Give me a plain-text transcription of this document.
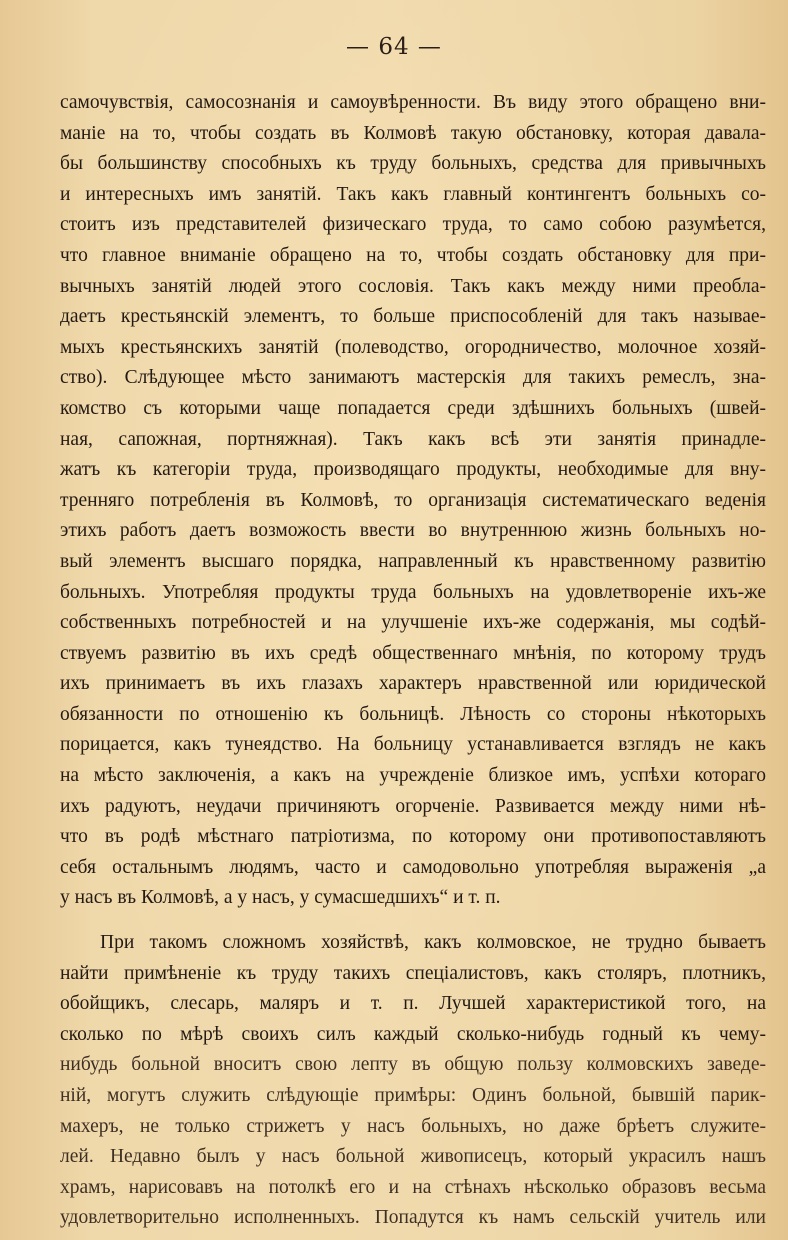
— 64 —
самочувствія, самосознанія и самоувѣренности. Въ виду этого обращено вни-
маніе на то, чтобы создать въ Колмовѣ такую обстановку, которая давала-
бы большинству способныхъ къ труду больныхъ, средства для привычныхъ
и интересныхъ имъ занятій. Такъ какъ главный контингентъ больныхъ со-
стоитъ изъ представителей физическаго труда, то само собою разумѣется,
что главное вниманіе обращено на то, чтобы создать обстановку для при-
вычныхъ занятій людей этого сословія. Такъ какъ между ними преобла-
даетъ крестьянскій элементъ, то больше приспособленій для такъ называе-
мыхъ крестьянскихъ занятій (полеводство, огородничество, молочное хозяй-
ство). Слѣдующее мѣсто занимаютъ мастерскія для такихъ ремеслъ, зна-
комство съ которыми чаще попадается среди здѣшнихъ больныхъ (швей-
ная, сапожная, портняжная). Такъ какъ всѣ эти занятія принадле-
жатъ къ категоріи труда, производящаго продукты, необходимые для вну-
тренняго потребленія въ Колмовѣ, то организація систематическаго веденія
этихъ работъ даетъ возможость ввести во внутреннюю жизнь больныхъ но-
вый элементъ высшаго порядка, направленный къ нравственному развитію
больныхъ. Употребляя продукты труда больныхъ на удовлетвореніе ихъ-же
собственныхъ потребностей и на улучшеніе ихъ-же содержанія, мы содѣй-
ствуемъ развитію въ ихъ средѣ общественнаго мнѣнія, по которому трудъ
ихъ принимаетъ въ ихъ глазахъ характеръ нравственной или юридической
обязанности по отношенію къ больницѣ. Лѣность со стороны нѣкоторыхъ
порицается, какъ тунеядство. На больницу устанавливается взглядъ не какъ
на мѣсто заключенія, а какъ на учрежденіе близкое имъ, успѣхи котораго
ихъ радуютъ, неудачи причиняютъ огорченіе. Развивается между ними нѣ-
что въ родѣ мѣстнаго патріотизма, по которому они противопоставляютъ
себя остальнымъ людямъ, часто и самодовольно употребляя выраженія „а
у насъ въ Колмовѣ, а у насъ, у сумасшедшихъ“ и т. п.
При такомъ сложномъ хозяйствѣ, какъ колмовское, не трудно бываетъ
найти примѣненіе къ труду такихъ спеціалистовъ, какъ столяръ, плотникъ,
обойщикъ, слесарь, маляръ и т. п. Лучшей характеристикой того, на
сколько по мѣрѣ своихъ силъ каждый сколько-нибудь годный къ чему-
нибудь больной вноситъ свою лепту въ общую пользу колмовскихъ заведе-
ній, могутъ служить слѣдующіе примѣры: Одинъ больной, бывшій парик-
махеръ, не только стрижетъ у насъ больныхъ, но даже брѣетъ служите-
лей. Недавно былъ у насъ больной живописецъ, который украсилъ нашъ
храмъ, нарисовавъ на потолкѣ его и на стѣнахъ нѣсколько образовъ весьма
удовлетворительно исполненныхъ. Попадутся къ намъ сельскій учитель или
